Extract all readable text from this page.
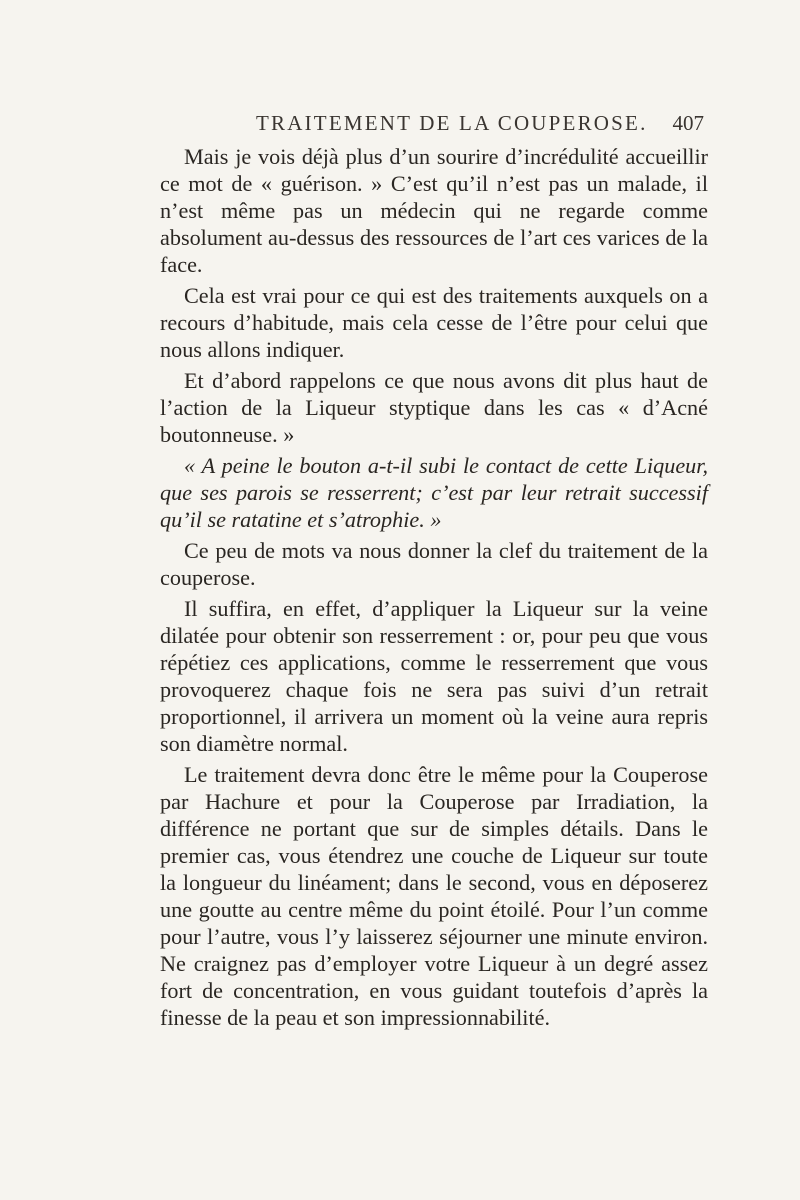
TRAITEMENT DE LA COUPEROSE. 407

Mais je vois déjà plus d’un sourire d’incrédulité accueillir ce mot de « guérison. » C’est qu’il n’est pas un malade, il n’est même pas un médecin qui ne regarde comme absolument au-dessus des ressources de l’art ces varices de la face.

Cela est vrai pour ce qui est des traitements auxquels on a recours d’habitude, mais cela cesse de l’être pour celui que nous allons indiquer.

Et d’abord rappelons ce que nous avons dit plus haut de l’action de la Liqueur styptique dans les cas « d’Acné boutonneuse. »

« A peine le bouton a-t-il subi le contact de cette Liqueur, que ses parois se resserrent; c’est par leur retrait successif qu’il se ratatine et s’atrophie. »

Ce peu de mots va nous donner la clef du traitement de la couperose.

Il suffira, en effet, d’appliquer la Liqueur sur la veine dilatée pour obtenir son resserrement : or, pour peu que vous répétiez ces applications, comme le resserrement que vous provoquerez chaque fois ne sera pas suivi d’un retrait proportionnel, il arrivera un moment où la veine aura repris son diamètre normal.

Le traitement devra donc être le même pour la Couperose par Hachure et pour la Couperose par Irradiation, la différence ne portant que sur de simples détails. Dans le premier cas, vous étendrez une couche de Liqueur sur toute la longueur du linéament; dans le second, vous en déposerez une goutte au centre même du point étoilé. Pour l’un comme pour l’autre, vous l’y laisserez séjourner une minute environ. Ne craignez pas d’employer votre Liqueur à un degré assez fort de concentration, en vous guidant toutefois d’après la finesse de la peau et son impressionnabilité.
